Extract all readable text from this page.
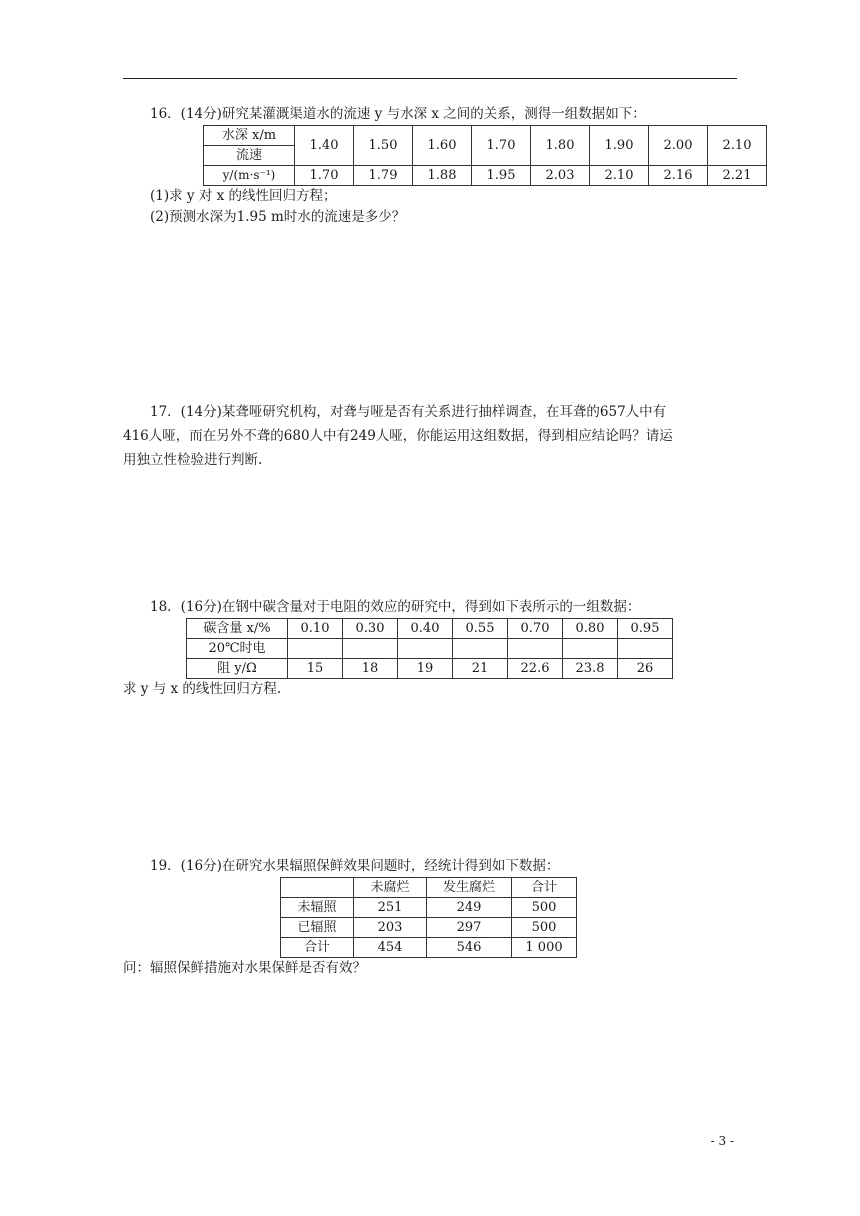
16．(14分)研究某灌溉渠道水的流速 y 与水深 x 之间的关系，测得一组数据如下：

水深 x/m	1.40	1.50	1.60	1.70	1.80	1.90	2.00	2.10
流速								
y/(m·s⁻¹)	1.70	1.79	1.88	1.95	2.03	2.10	2.16	2.21

(1)求 y 对 x 的线性回归方程；

(2)预测水深为1.95 m时水的流速是多少？

17．(14分)某聋哑研究机构，对聋与哑是否有关系进行抽样调查，在耳聋的657人中有

416人哑，而在另外不聋的680人中有249人哑，你能运用这组数据，得到相应结论吗？请运

用独立性检验进行判断.

18．(16分)在钢中碳含量对于电阻的效应的研究中，得到如下表所示的一组数据：

碳含量 x/%	0.10	0.30	0.40	0.55	0.70	0.80	0.95
20℃时电							
阻 y/Ω	15	18	19	21	22.6	23.8	26

求 y 与 x 的线性回归方程.

19．(16分)在研究水果辐照保鲜效果问题时，经统计得到如下数据：

	未腐烂	发生腐烂	合计
未辐照	251	249	500
已辐照	203	297	500
合计	454	546	1 000

问：辐照保鲜措施对水果保鲜是否有效？

- 3 -
